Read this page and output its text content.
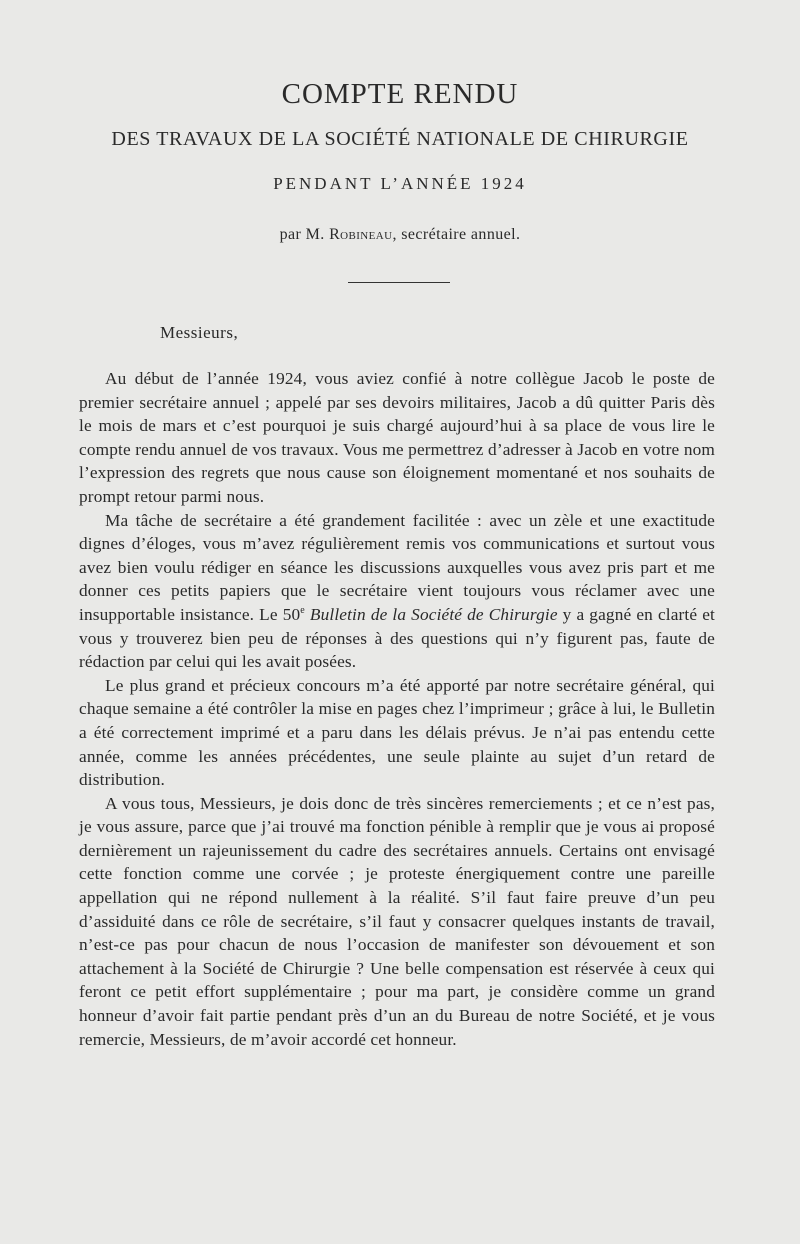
COMPTE RENDU
DES TRAVAUX DE LA SOCIÉTÉ NATIONALE DE CHIRURGIE
PENDANT L’ANNÉE 1924
par M. Robineau, secrétaire annuel.
Messieurs,

Au début de l’année 1924, vous aviez confié à notre collègue Jacob le poste de premier secrétaire annuel ; appelé par ses devoirs militaires, Jacob a dû quitter Paris dès le mois de mars et c’est pourquoi je suis chargé aujourd’hui à sa place de vous lire le compte rendu annuel de vos travaux. Vous me permettrez d’adresser à Jacob en votre nom l’expression des regrets que nous cause son éloignement momentané et nos souhaits de prompt retour parmi nous.

Ma tâche de secrétaire a été grandement facilitée : avec un zèle et une exactitude dignes d’éloges, vous m’avez régulièrement remis vos communications et surtout vous avez bien voulu rédiger en séance les discussions auxquelles vous avez pris part et me donner ces petits papiers que le secrétaire vient toujours vous réclamer avec une insupportable insistance. Le 50e Bulletin de la Société de Chirurgie y a gagné en clarté et vous y trouverez bien peu de réponses à des questions qui n’y figurent pas, faute de rédaction par celui qui les avait posées.

Le plus grand et précieux concours m’a été apporté par notre secrétaire général, qui chaque semaine a été contrôler la mise en pages chez l’imprimeur ; grâce à lui, le Bulletin a été correctement imprimé et a paru dans les délais prévus. Je n’ai pas entendu cette année, comme les années précédentes, une seule plainte au sujet d’un retard de distribution.

A vous tous, Messieurs, je dois donc de très sincères remerciements ; et ce n’est pas, je vous assure, parce que j’ai trouvé ma fonction pénible à remplir que je vous ai proposé dernièrement un rajeunissement du cadre des secrétaires annuels. Certains ont envisagé cette fonction comme une corvée ; je proteste énergiquement contre une pareille appellation qui ne répond nullement à la réalité. S’il faut faire preuve d’un peu d’assiduité dans ce rôle de secrétaire, s’il faut y consacrer quelques instants de travail, n’est-ce pas pour chacun de nous l’occasion de manifester son dévouement et son attachement à la Société de Chirurgie ? Une belle compensation est réservée à ceux qui feront ce petit effort supplémentaire ; pour ma part, je considère comme un grand honneur d’avoir fait partie pendant près d’un an du Bureau de notre Société, et je vous remercie, Messieurs, de m’avoir accordé cet honneur.
